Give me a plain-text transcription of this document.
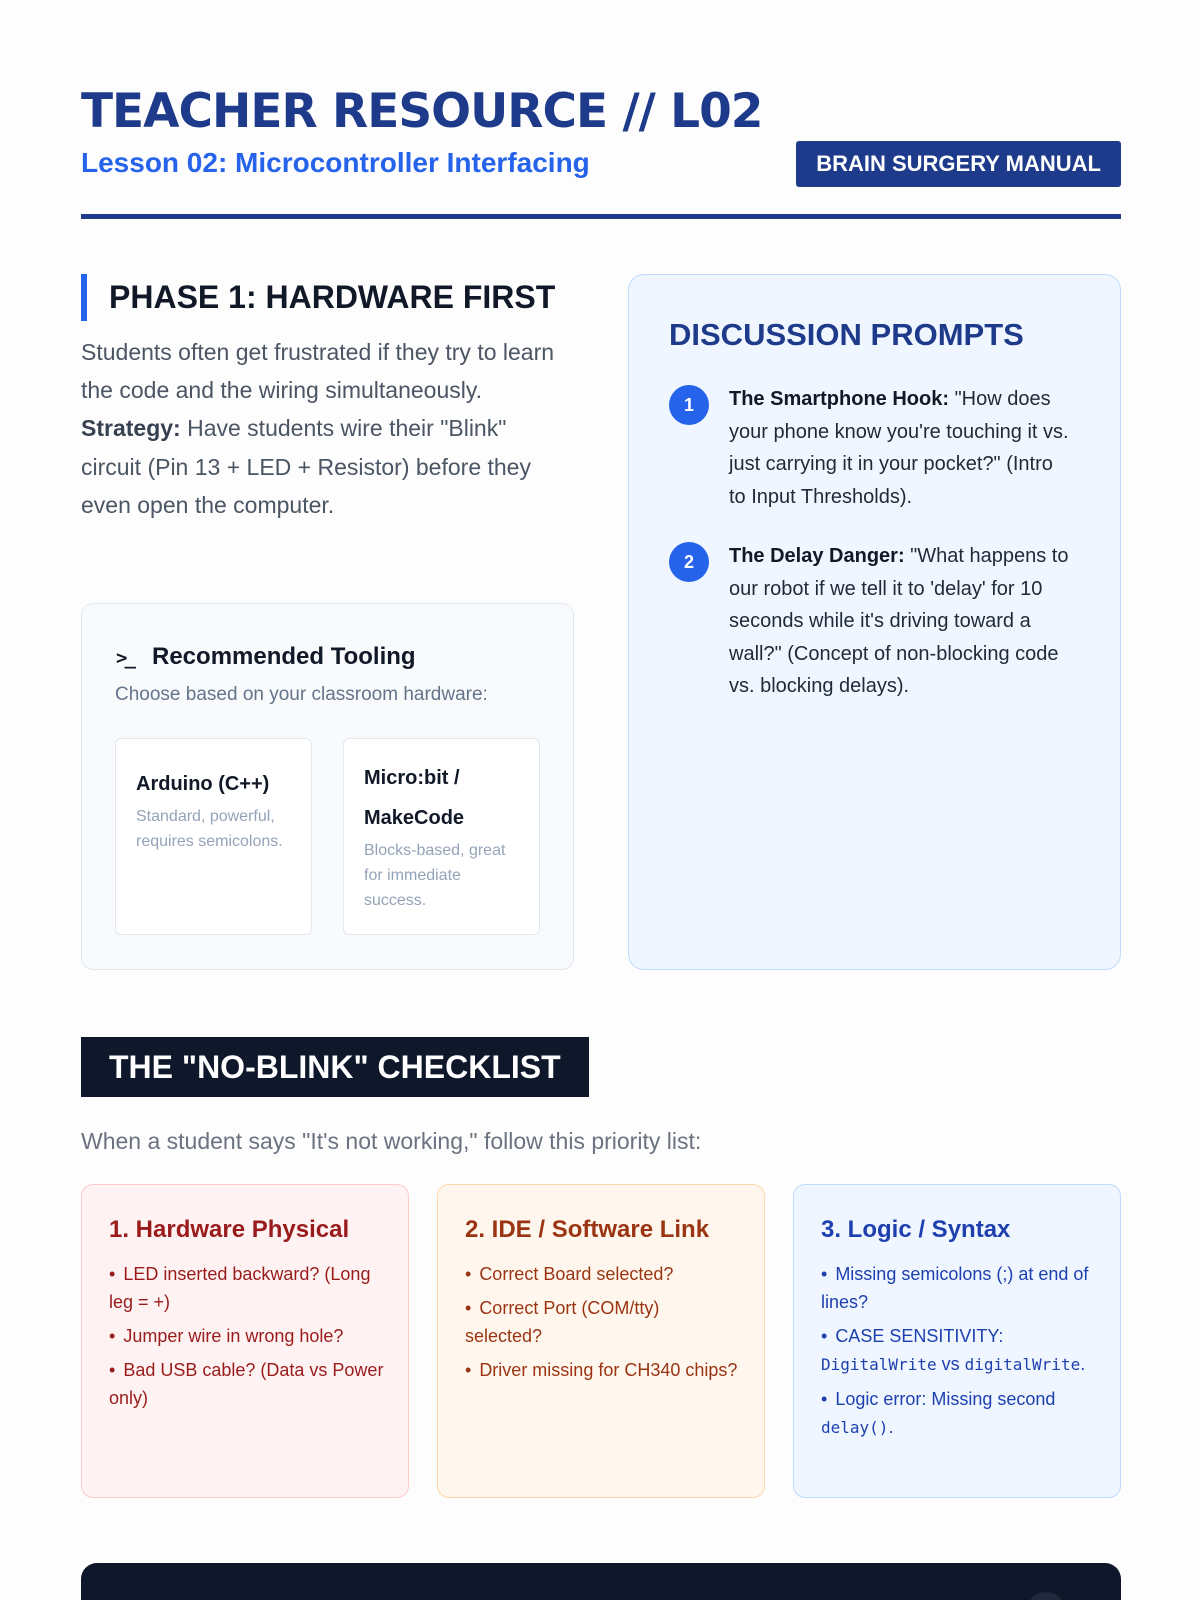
TEACHER RESOURCE // L02
Lesson 02: Microcontroller Interfacing	BRAIN SURGERY MANUAL
PHASE 1: HARDWARE FIRST

Students often get frustrated if they try to learn the code and the wiring simultaneously. Strategy: Have students wire their "Blink" circuit (Pin 13 + LED + Resistor) before they even open the computer.

>_ Recommended Tooling
Choose based on your classroom hardware:
Arduino (C++)
Standard, powerful, requires semicolons.
Micro:bit / MakeCode
Blocks-based, great for immediate success.
DISCUSSION PROMPTS
1	The Smartphone Hook: "How does your phone know you're touching it vs. just carrying it in your pocket?" (Intro to Input Thresholds).
2	The Delay Danger: "What happens to our robot if we tell it to 'delay' for 10 seconds while it's driving toward a wall?" (Concept of non-blocking code vs. blocking delays).
THE "NO-BLINK" CHECKLIST
When a student says "It's not working," follow this priority list:
1. Hardware Physical
• LED inserted backward? (Long leg = +)
• Jumper wire in wrong hole?
• Bad USB cable? (Data vs Power only)
2. IDE / Software Link
• Correct Board selected?
• Correct Port (COM/tty) selected?
• Driver missing for CH340 chips?
3. Logic / Syntax
• Missing semicolons (;) at end of lines?
• CASE SENSITIVITY: DigitalWrite vs digitalWrite.
• Logic error: Missing second delay().
